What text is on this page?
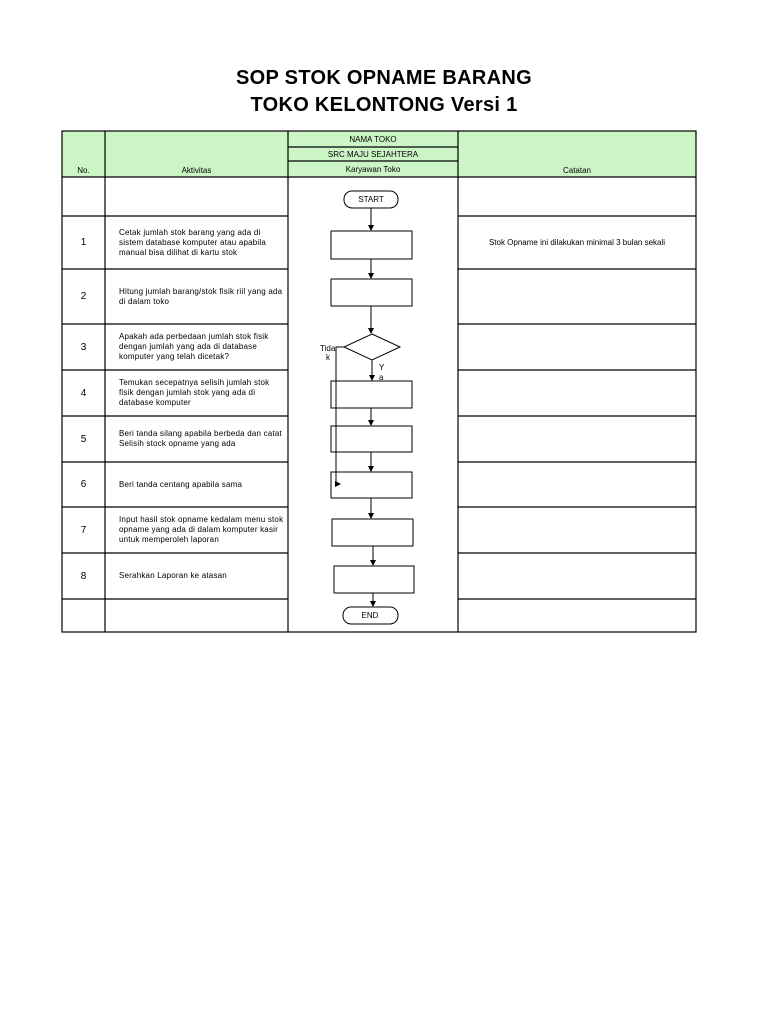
SOP STOK OPNAME BARANG
TOKO KELONTONG Versi 1
No.	Aktivitas
NAMA TOKO
SRC MAJU SEJAHTERA
Karyawan Toko	Catatan
1
2
3
4
5
6
7
8
Cetak jumlah stok barang yang ada di sistem database komputer atau apabila manual bisa dilihat di kartu stok
Hitung jumlah barang/stok fisik riil yang ada di dalam toko
Apakah ada perbedaan jumlah stok fisik dengan jumlah yang ada di database komputer yang telah dicetak?
Temukan secepatnya selisih jumlah stok fisik dengan jumlah stok yang ada di database komputer
Beri tanda silang apabila berbeda dan catat Selisih stock opname yang ada
Beri tanda centang apabila sama
Input hasil stok opname kedalam menu stok opname yang ada di dalam komputer kasir untuk memperoleh laporan
Serahkan Laporan ke atasan
Stok Opname ini dilakukan minimal 3 bulan sekali
START
END
Tida
k
Y
a
